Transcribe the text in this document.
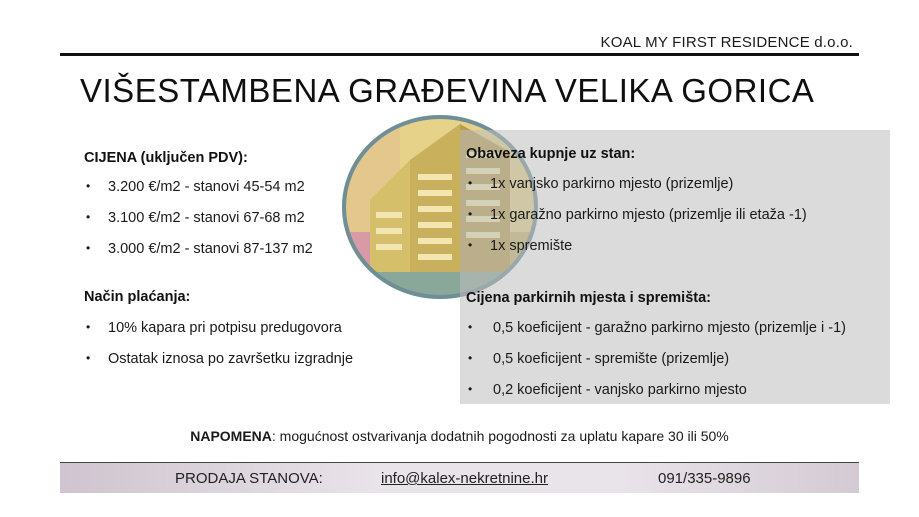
KOAL MY FIRST RESIDENCE d.o.o.
VIŠESTAMBENA GRAĐEVINA VELIKA GORICA
CIJENA (uključen PDV):
• 3.200 €/m2 - stanovi 45-54 m2
• 3.100 €/m2 - stanovi 67-68 m2
• 3.000 €/m2 - stanovi 87-137 m2
Način plaćanja:
• 10% kapara pri potpisu predugovora
• Ostatak iznosa po završetku izgradnje
Obaveza kupnje uz stan:
• 1x vanjsko parkirno mjesto (prizemlje)
• 1x garažno parkirno mjesto (prizemlje ili etaža -1)
• 1x spremište
Cijena parkirnih mjesta i spremišta:
• 0,5 koeficijent - garažno parkirno mjesto (prizemlje i -1)
• 0,5 koeficijent - spremište (prizemlje)
• 0,2 koeficijent - vanjsko parkirno mjesto
NAPOMENA: mogućnost ostvarivanja dodatnih pogodnosti za uplatu kapare 30 ili 50%
PRODAJA STANOVA:	info@kalex-nekretnine.hr	091/335-9896
